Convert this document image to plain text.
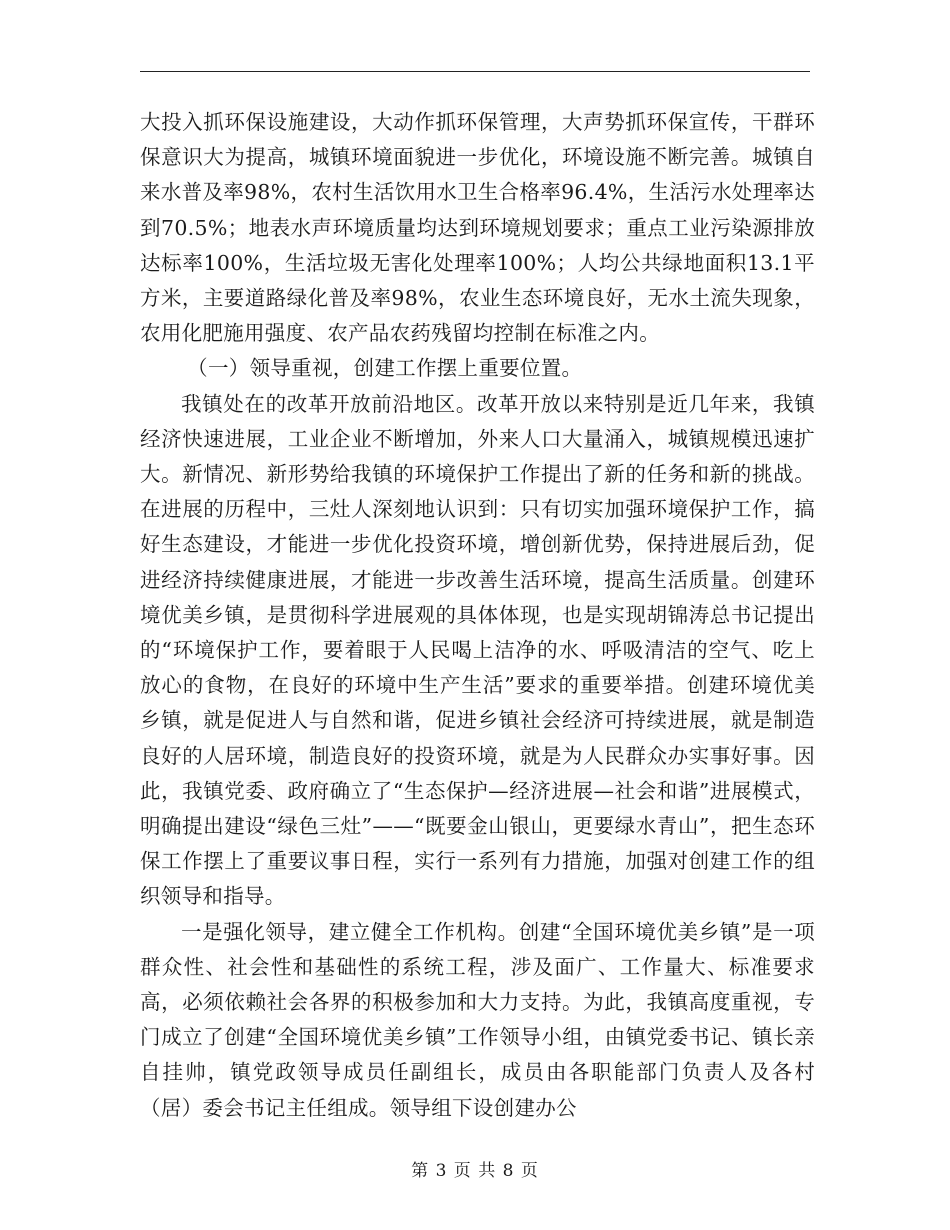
大投入抓环保设施建设，大动作抓环保管理，大声势抓环保宣传，干群环保意识大为提高，城镇环境面貌进一步优化，环境设施不断完善。城镇自来水普及率98%，农村生活饮用水卫生合格率96.4%，生活污水处理率达到70.5%；地表水声环境质量均达到环境规划要求；重点工业污染源排放达标率100%，生活垃圾无害化处理率100%；人均公共绿地面积13.1平方米，主要道路绿化普及率98%，农业生态环境良好，无水土流失现象，农用化肥施用强度、农产品农药残留均控制在标准之内。

（一）领导重视，创建工作摆上重要位置。

我镇处在的改革开放前沿地区。改革开放以来特别是近几年来，我镇经济快速进展，工业企业不断增加，外来人口大量涌入，城镇规模迅速扩大。新情况、新形势给我镇的环境保护工作提出了新的任务和新的挑战。在进展的历程中，三灶人深刻地认识到：只有切实加强环境保护工作，搞好生态建设，才能进一步优化投资环境，增创新优势，保持进展后劲，促进经济持续健康进展，才能进一步改善生活环境，提高生活质量。创建环境优美乡镇，是贯彻科学进展观的具体体现，也是实现胡锦涛总书记提出的“环境保护工作，要着眼于人民喝上洁净的水、呼吸清洁的空气、吃上放心的食物，在良好的环境中生产生活”要求的重要举措。创建环境优美乡镇，就是促进人与自然和谐，促进乡镇社会经济可持续进展，就是制造良好的人居环境，制造良好的投资环境，就是为人民群众办实事好事。因此，我镇党委、政府确立了“生态保护—经济进展—社会和谐”进展模式，明确提出建设“绿色三灶”——“既要金山银山，更要绿水青山”，把生态环保工作摆上了重要议事日程，实行一系列有力措施，加强对创建工作的组织领导和指导。

一是强化领导，建立健全工作机构。创建“全国环境优美乡镇”是一项群众性、社会性和基础性的系统工程，涉及面广、工作量大、标准要求高，必须依赖社会各界的积极参加和大力支持。为此，我镇高度重视，专门成立了创建“全国环境优美乡镇”工作领导小组，由镇党委书记、镇长亲自挂帅，镇党政领导成员任副组长，成员由各职能部门负责人及各村（居）委会书记主任组成。领导组下设创建办公

第 3 页 共 8 页
